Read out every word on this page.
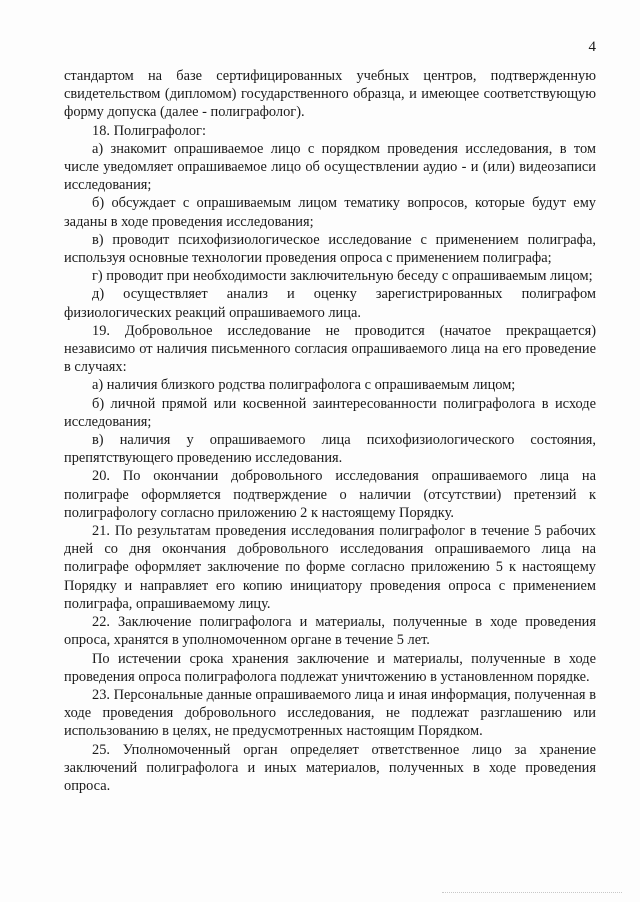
4

стандартом на базе сертифицированных учебных центров, подтвержденную свидетельством (дипломом) государственного образца, и имеющее соответствующую форму допуска (далее - полиграфолог).

18. Полиграфолог:

а) знакомит опрашиваемое лицо с порядком проведения исследования, в том числе уведомляет опрашиваемое лицо об осуществлении аудио - и (или) видеозаписи исследования;

б) обсуждает с опрашиваемым лицом тематику вопросов, которые будут ему заданы в ходе проведения исследования;

в) проводит психофизиологическое исследование с применением полиграфа, используя основные технологии проведения опроса с применением полиграфа;

г) проводит при необходимости заключительную беседу с опрашиваемым лицом;

д) осуществляет анализ и оценку зарегистрированных полиграфом физиологических реакций опрашиваемого лица.

19. Добровольное исследование не проводится (начатое прекращается) независимо от наличия письменного согласия опрашиваемого лица на его проведение в случаях:

а) наличия близкого родства полиграфолога с опрашиваемым лицом;

б) личной прямой или косвенной заинтересованности полиграфолога в исходе исследования;

в) наличия у опрашиваемого лица психофизиологического состояния, препятствующего проведению исследования.

20. По окончании добровольного исследования опрашиваемого лица на полиграфе оформляется подтверждение о наличии (отсутствии) претензий к полиграфологу согласно приложению 2 к настоящему Порядку.

21. По результатам проведения исследования полиграфолог в течение 5 рабочих дней со дня окончания добровольного исследования опрашиваемого лица на полиграфе оформляет заключение по форме согласно приложению 5 к настоящему Порядку и направляет его копию инициатору проведения опроса с применением полиграфа, опрашиваемому лицу.

22. Заключение полиграфолога и материалы, полученные в ходе проведения опроса, хранятся в уполномоченном органе в течение 5 лет.

По истечении срока хранения заключение и материалы, полученные в ходе проведения опроса полиграфолога подлежат уничтожению в установленном порядке.

23. Персональные данные опрашиваемого лица и иная информация, полученная в ходе проведения добровольного исследования, не подлежат разглашению или использованию в целях, не предусмотренных настоящим Порядком.

25. Уполномоченный орган определяет ответственное лицо за хранение заключений полиграфолога и иных материалов, полученных в ходе проведения опроса.
